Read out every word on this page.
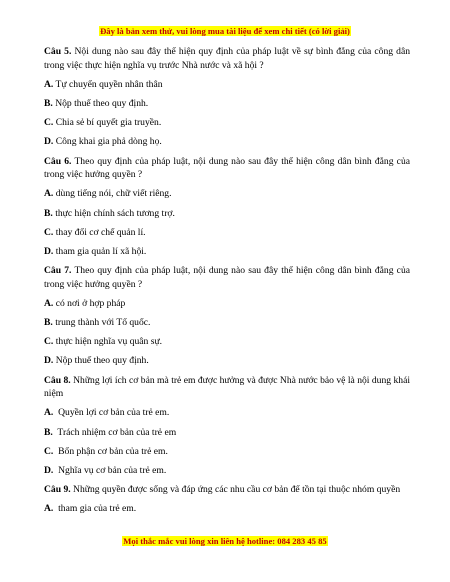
Đây là bản xem thử, vui lòng mua tài liệu để xem chi tiết (có lời giải)
Câu 5. Nội dung nào sau đây thể hiện quy định của pháp luật về sự bình đẳng của công dân trong việc thực hiện nghĩa vụ trước Nhà nước và xã hội ?
A. Tự chuyển quyền nhân thân
B. Nộp thuế theo quy định.
C. Chia sẻ bí quyết gia truyền.
D. Công khai gia phả dòng họ.
Câu 6. Theo quy định của pháp luật, nội dung nào sau đây thể hiện công dân bình đẳng của trong việc hưởng quyền ?
A. dùng tiếng nói, chữ viết riêng.
B. thực hiện chính sách tương trợ.
C. thay đổi cơ chế quản lí.
D. tham gia quản lí xã hội.
Câu 7. Theo quy định của pháp luật, nội dung nào sau đây thể hiện công dân bình đẳng của trong việc hưởng quyền ?
A. có nơi ở hợp pháp
B. trung thành với Tổ quốc.
C. thực hiện nghĩa vụ quân sự.
D. Nộp thuế theo quy định.
Câu 8. Những lợi ích cơ bản mà trẻ em được hưởng và được Nhà nước bảo vệ là nội dung khái niệm
A.  Quyền lợi cơ bản của trẻ em.
B.  Trách nhiệm cơ bản của trẻ em
C.  Bổn phận cơ bản của trẻ em.
D.  Nghĩa vụ cơ bản của trẻ em.
Câu 9. Những quyền được sống và đáp ứng các nhu cầu cơ bản để tồn tại thuộc nhóm quyền
A.  tham gia của trẻ em.
Mọi thắc mắc vui lòng xin liên hệ hotline: 084 283 45 85
